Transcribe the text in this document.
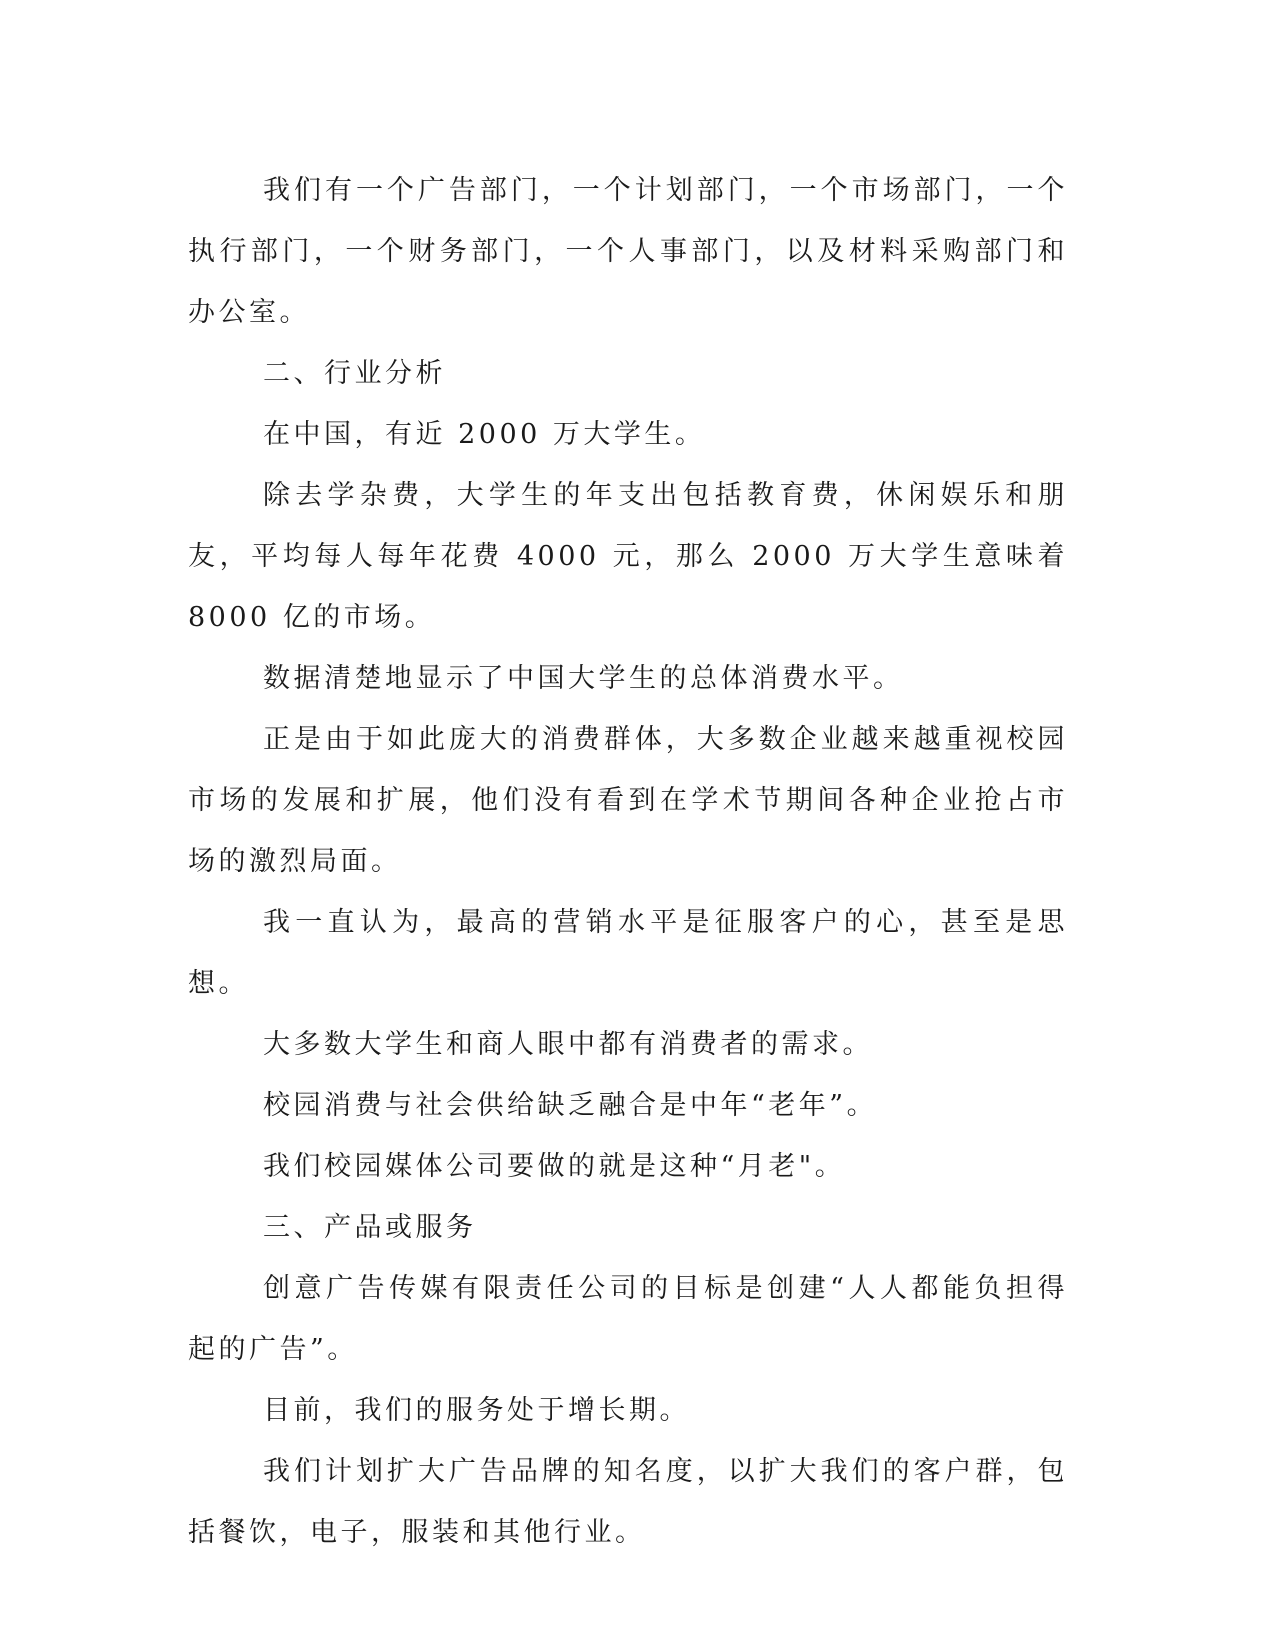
我们有一个广告部门，一个计划部门，一个市场部门，一个执行部门，一个财务部门，一个人事部门，以及材料采购部门和办公室。

二、行业分析

在中国，有近 2000 万大学生。

除去学杂费，大学生的年支出包括教育费，休闲娱乐和朋友，平均每人每年花费 4000 元，那么 2000 万大学生意味着 8000 亿的市场。

数据清楚地显示了中国大学生的总体消费水平。

正是由于如此庞大的消费群体，大多数企业越来越重视校园市场的发展和扩展，他们没有看到在学术节期间各种企业抢占市场的激烈局面。

我一直认为，最高的营销水平是征服客户的心，甚至是思想。

大多数大学生和商人眼中都有消费者的需求。

校园消费与社会供给缺乏融合是中年“老年”。

我们校园媒体公司要做的就是这种“月老"。

三、产品或服务

创意广告传媒有限责任公司的目标是创建“人人都能负担得起的广告”。

目前，我们的服务处于增长期。

我们计划扩大广告品牌的知名度，以扩大我们的客户群，包括餐饮，电子，服装和其他行业。
